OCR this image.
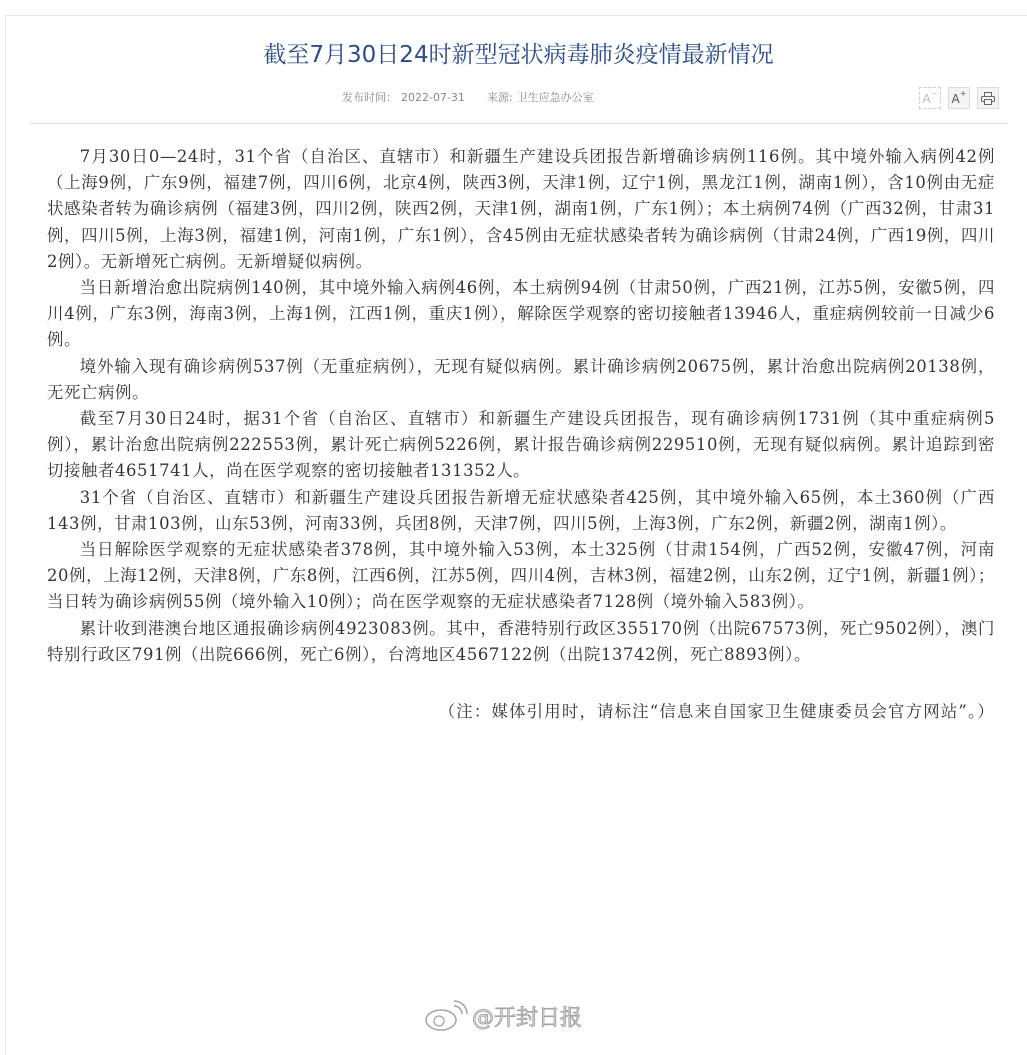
截至7月30日24时新型冠状病毒肺炎疫情最新情况
发布时间： 2022-07-31 来源: 卫生应急办公室	A− A+

7月30日0—24时，31个省（自治区、直辖市）和新疆生产建设兵团报告新增确诊病例116例。其中境外输入病例42例（上海9例，广东9例，福建7例，四川6例，北京4例，陕西3例，天津1例，辽宁1例，黑龙江1例，湖南1例），含10例由无症状感染者转为确诊病例（福建3例，四川2例，陕西2例，天津1例，湖南1例，广东1例）；本土病例74例（广西32例，甘肃31例，四川5例，上海3例，福建1例，河南1例，广东1例），含45例由无症状感染者转为确诊病例（甘肃24例，广西19例，四川2例）。无新增死亡病例。无新增疑似病例。

当日新增治愈出院病例140例，其中境外输入病例46例，本土病例94例（甘肃50例，广西21例，江苏5例，安徽5例，四川4例，广东3例，海南3例，上海1例，江西1例，重庆1例），解除医学观察的密切接触者13946人，重症病例较前一日减少6例。

境外输入现有确诊病例537例（无重症病例），无现有疑似病例。累计确诊病例20675例，累计治愈出院病例20138例，无死亡病例。

截至7月30日24时，据31个省（自治区、直辖市）和新疆生产建设兵团报告，现有确诊病例1731例（其中重症病例5例），累计治愈出院病例222553例，累计死亡病例5226例，累计报告确诊病例229510例，无现有疑似病例。累计追踪到密切接触者4651741人，尚在医学观察的密切接触者131352人。

31个省（自治区、直辖市）和新疆生产建设兵团报告新增无症状感染者425例，其中境外输入65例，本土360例（广西143例，甘肃103例，山东53例，河南33例，兵团8例，天津7例，四川5例，上海3例，广东2例，新疆2例，湖南1例）。

当日解除医学观察的无症状感染者378例，其中境外输入53例，本土325例（甘肃154例，广西52例，安徽47例，河南20例，上海12例，天津8例，广东8例，江西6例，江苏5例，四川4例，吉林3例，福建2例，山东2例，辽宁1例，新疆1例）；当日转为确诊病例55例（境外输入10例）；尚在医学观察的无症状感染者7128例（境外输入583例）。

累计收到港澳台地区通报确诊病例4923083例。其中，香港特别行政区355170例（出院67573例，死亡9502例），澳门特别行政区791例（出院666例，死亡6例），台湾地区4567122例（出院13742例，死亡8893例）。

（注：媒体引用时，请标注“信息来自国家卫生健康委员会官方网站”。）

@开封日报
